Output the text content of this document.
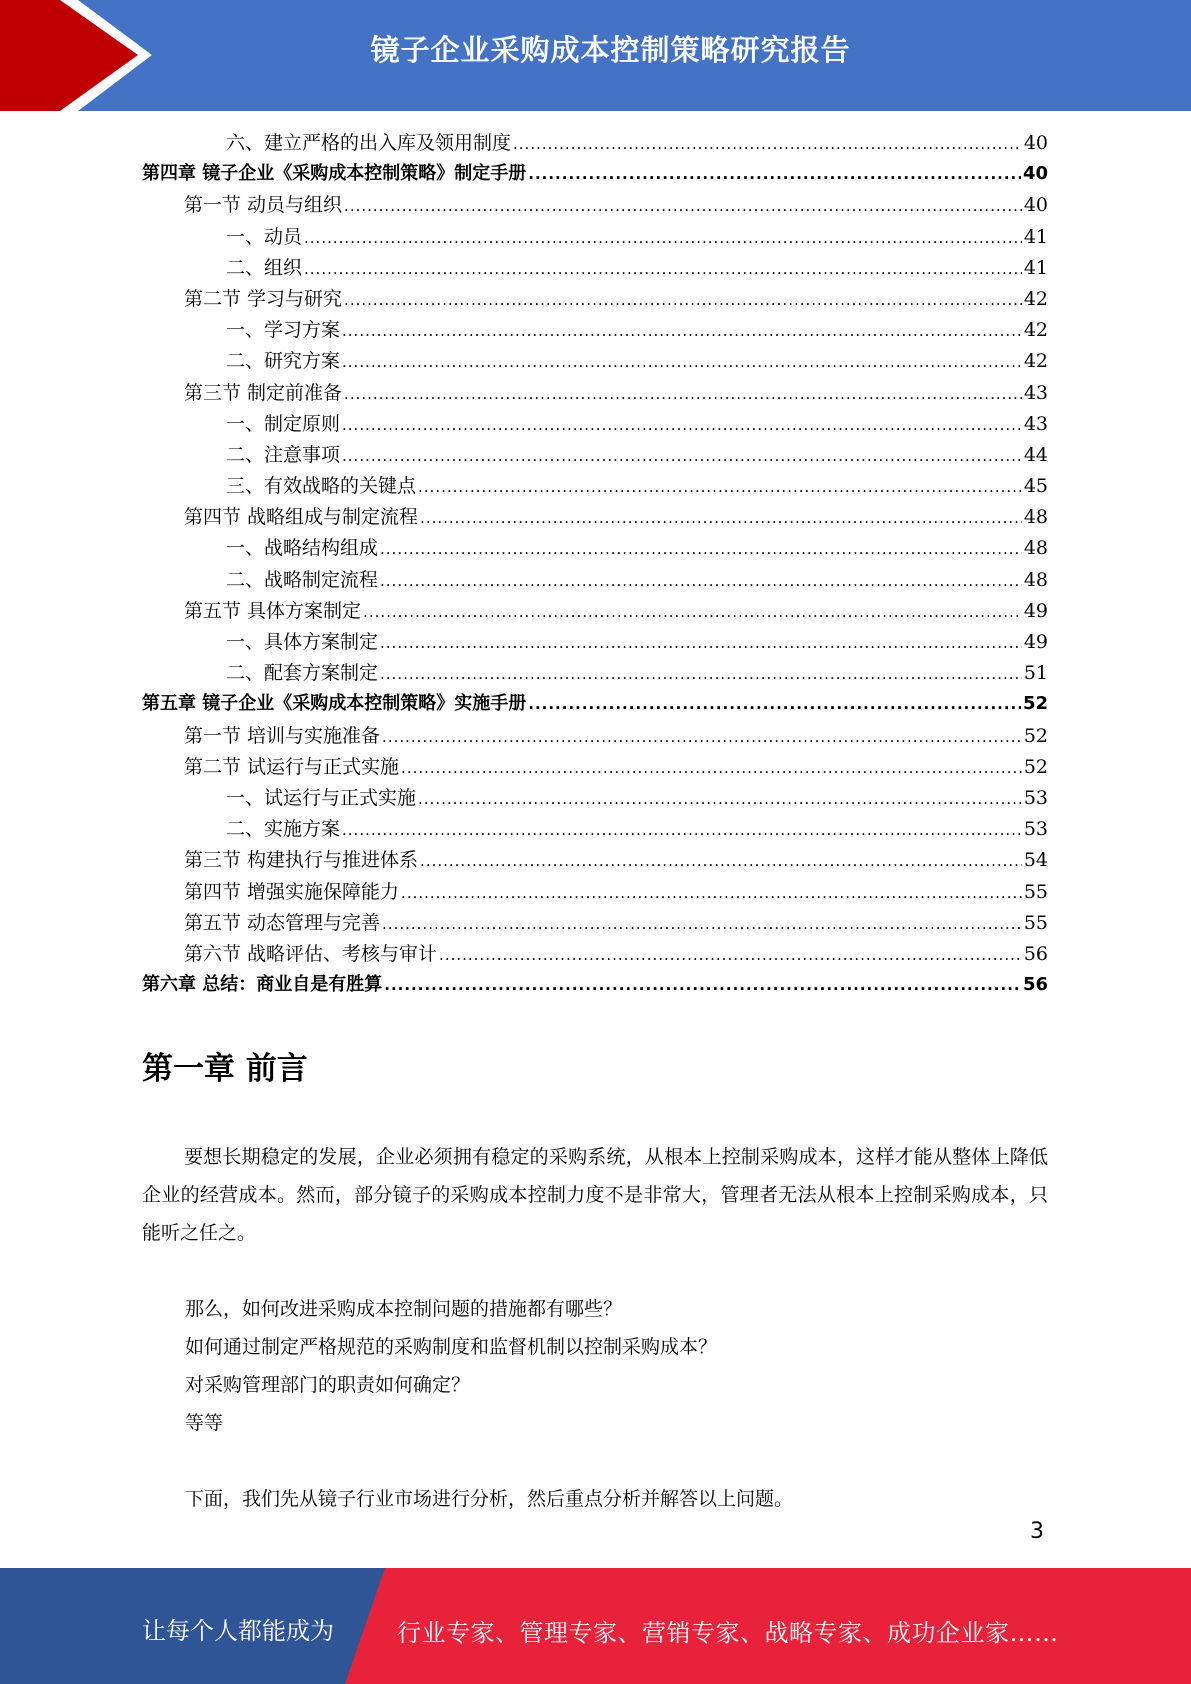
镜子企业采购成本控制策略研究报告
六、建立严格的出入库及领用制度 .....	40
第四章 镜子企业《采购成本控制策略》制定手册 .....	40
第一节 动员与组织 .....	40
一、动员 .....	41
二、组织 .....	41
第二节 学习与研究 .....	42
一、学习方案 .....	42
二、研究方案 .....	42
第三节 制定前准备 .....	43
一、制定原则 .....	43
二、注意事项 .....	44
三、有效战略的关键点 .....	45
第四节 战略组成与制定流程 .....	48
一、战略结构组成 .....	48
二、战略制定流程 .....	48
第五节 具体方案制定 .....	49
一、具体方案制定 .....	49
二、配套方案制定 .....	51
第五章 镜子企业《采购成本控制策略》实施手册 .....	52
第一节 培训与实施准备 .....	52
第二节 试运行与正式实施 .....	52
一、试运行与正式实施 .....	53
二、实施方案 .....	53
第三节 构建执行与推进体系 .....	54
第四节 增强实施保障能力 .....	55
第五节 动态管理与完善 .....	55
第六节 战略评估、考核与审计 .....	56
第六章 总结：商业自是有胜算 .....	56
第一章 前言
要想长期稳定的发展，企业必须拥有稳定的采购系统，从根本上控制采购成本，这样才能从整体上降低企业的经营成本。然而，部分镜子的采购成本控制力度不是非常大，管理者无法从根本上控制采购成本，只能听之任之。
那么，如何改进采购成本控制问题的措施都有哪些？
如何通过制定严格规范的采购制度和监督机制以控制采购成本？
对采购管理部门的职责如何确定？
等等
下面，我们先从镜子行业市场进行分析，然后重点分析并解答以上问题。
3
让每个人都能成为	行业专家、管理专家、营销专家、战略专家、成功企业家……
